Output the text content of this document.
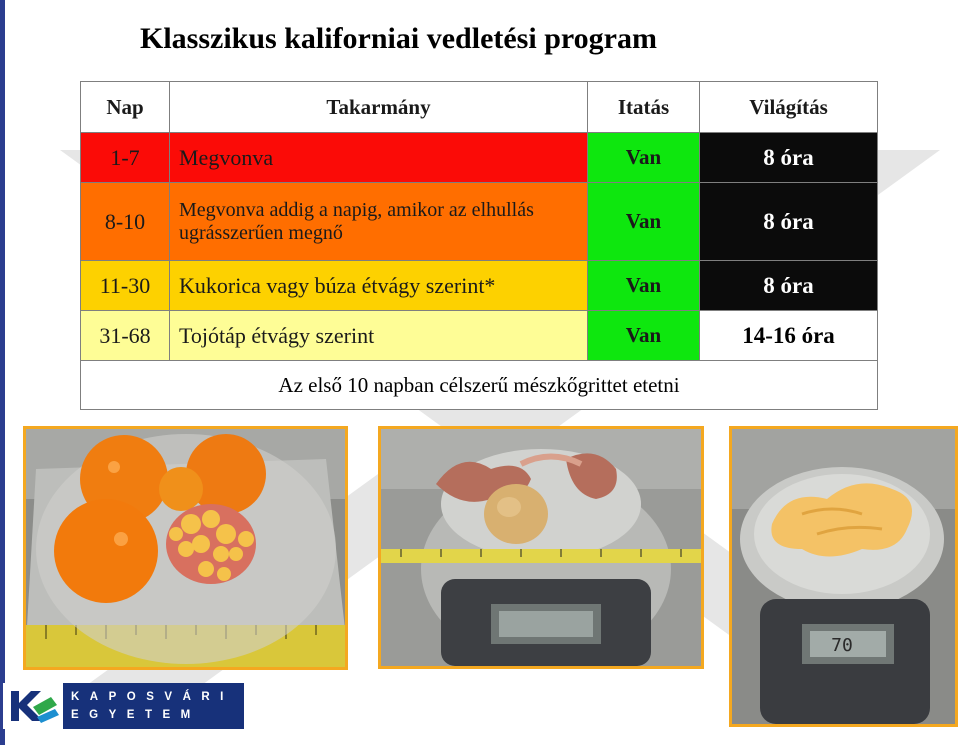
Klasszikus kaliforniai vedletési program
Nap	Takarmány	Itatás	Világítás
1-7	Megvonva	Van	8 óra
8-10	Megvonva addig a napig, amikor az elhullás ugrásszerűen megnő	Van	8 óra
11-30	Kukorica vagy búza étvágy szerint*	Van	8 óra
31-68	Tojótáp étvágy szerint	Van	14-16 óra
Az első 10 napban célszerű mészkőgrittet etetni			
70
KAPOSVÁRI
EGYETEM
